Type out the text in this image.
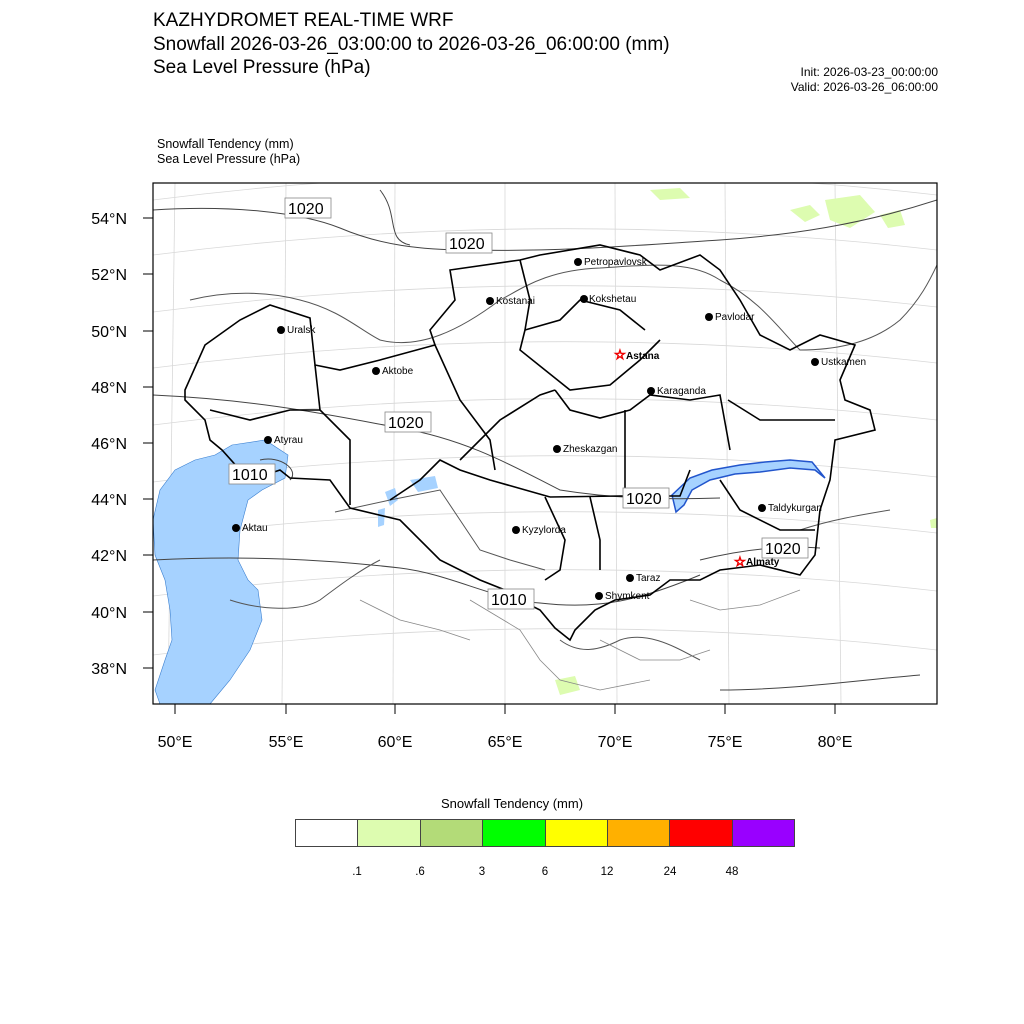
KAZHYDROMET REAL-TIME WRF
Snowfall 2026-03-26_03:00:00 to 2026-03-26_06:00:00 (mm)
Sea Level Pressure (hPa)	Init: 2026-03-23_00:00:00
Valid: 2026-03-26_06:00:00
Snowfall Tendency (mm)
Sea Level Pressure (hPa)
54°N
52°N
50°N
48°N
46°N
44°N
42°N
40°N
38°N
50°E	55°E	60°E	65°E	70°E	75°E	80°E
1020
1020
1020
1010
1020
1020
1010
Petropavlovsk
Kostanai	Kokshetau
Pavlodar
Uralsk
☆ Astana
Aktobe
Ustkamen
Karaganda
Atyrau
Zheskazgan
Aktau	Kyzylorda
Taldykurgan
☆ Almaty
Taraz
Shymkent
Snowfall Tendency (mm)
.1	.6	3	6	12	24	48
